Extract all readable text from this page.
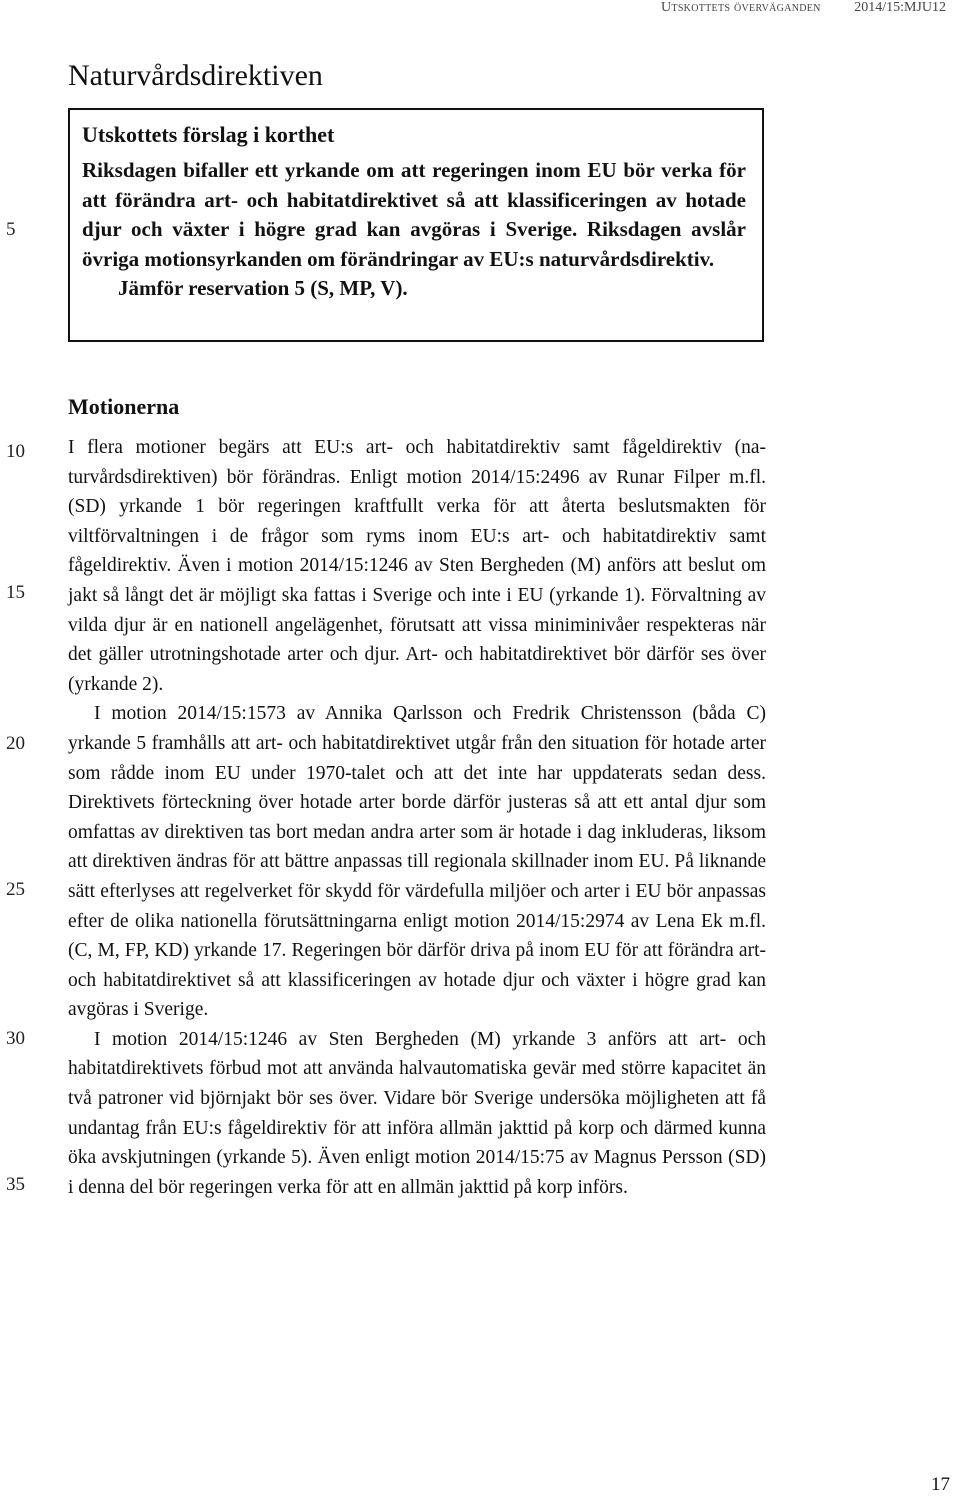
Utskottets överväganden 2014/15:MJU12
Naturvårdsdirektiven
Utskottets förslag i korthet
Riksdagen bifaller ett yrkande om att regeringen inom EU bör verka för att förändra art- och habitatdirektivet så att klassificeringen av hotade djur och växter i högre grad kan avgöras i Sverige. Riksdagen avslår övriga motionsyrkanden om förändringar av EU:s naturvårdsdirektiv.
Jämför reservation 5 (S, MP, V).
Motionerna

I flera motioner begärs att EU:s art- och habitatdirektiv samt fågeldirektiv (naturvårdsdirektiven) bör förändras. Enligt motion 2014/15:2496 av Runar Filper m.fl. (SD) yrkande 1 bör regeringen kraftfullt verka för att återta beslutsmakten för viltförvaltningen i de frågor som ryms inom EU:s art- och habitatdirektiv samt fågeldirektiv. Även i motion 2014/15:1246 av Sten Bergheden (M) anförs att beslut om jakt så långt det är möjligt ska fattas i Sverige och inte i EU (yrkande 1). Förvaltning av vilda djur är en nationell angelägenhet, förutsatt att vissa miniminivåer respekteras när det gäller utrotningshotade arter och djur. Art- och habitatdirektivet bör därför ses över (yrkande 2).

I motion 2014/15:1573 av Annika Qarlsson och Fredrik Christensson (båda C) yrkande 5 framhålls att art- och habitatdirektivet utgår från den situation för hotade arter som rådde inom EU under 1970-talet och att det inte har uppdaterats sedan dess. Direktivets förteckning över hotade arter borde därför justeras så att ett antal djur som omfattas av direktiven tas bort medan andra arter som är hotade i dag inkluderas, liksom att direktiven ändras för att bättre anpassas till regionala skillnader inom EU. På liknande sätt efterlyses att regelverket för skydd för värdefulla miljöer och arter i EU bör anpassas efter de olika nationella förutsättningarna enligt motion 2014/15:2974 av Lena Ek m.fl. (C, M, FP, KD) yrkande 17. Regeringen bör därför driva på inom EU för att förändra art- och habitatdirektivet så att klassificeringen av hotade djur och växter i högre grad kan avgöras i Sverige.

I motion 2014/15:1246 av Sten Bergheden (M) yrkande 3 anförs att art- och habitatdirektivets förbud mot att använda halvautomatiska gevär med större kapacitet än två patroner vid björnjakt bör ses över. Vidare bör Sverige undersöka möjligheten att få undantag från EU:s fågeldirektiv för att införa allmän jakttid på korp och därmed kunna öka avskjutningen (yrkande 5). Även enligt motion 2014/15:75 av Magnus Persson (SD) i denna del bör regeringen verka för att en allmän jakttid på korp införs.

5
10
15
20
25
30
35
17
